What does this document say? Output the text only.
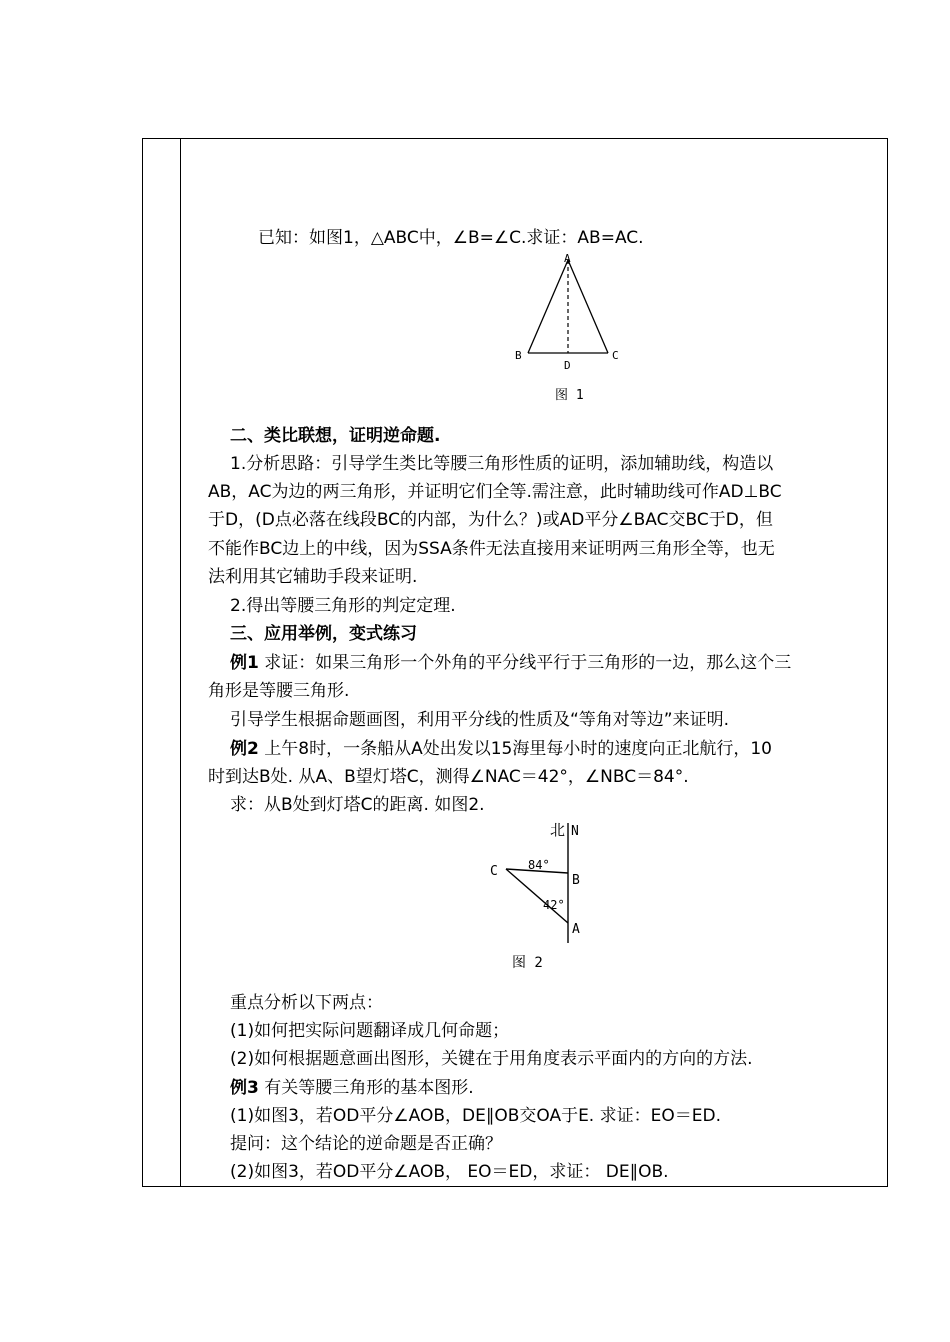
已知：如图1，△ABC中，∠B=∠C.求证：AB=AC.
A
B	C
D
图 1
二、类比联想，证明逆命题.
1.分析思路：引导学生类比等腰三角形性质的证明，添加辅助线，构造以
AB，AC为边的两三角形，并证明它们全等.需注意，此时辅助线可作AD⊥BC
于D，(D点必落在线段BC的内部，为什么？)或AD平分∠BAC交BC于D，但
不能作BC边上的中线，因为SSA条件无法直接用来证明两三角形全等，也无
法利用其它辅助手段来证明.
2.得出等腰三角形的判定定理.
三、应用举例，变式练习
例1 求证：如果三角形一个外角的平分线平行于三角形的一边，那么这个三
角形是等腰三角形.
引导学生根据命题画图，利用平分线的性质及“等角对等边”来证明.
例2 上午8时，一条船从A处出发以15海里每小时的速度向正北航行，10
时到达B处. 从A、B望灯塔C，测得∠NAC＝42°，∠NBC＝84°.
求：从B处到灯塔C的距离. 如图2.
北 N
C	84°
B
42°
A
图 2
重点分析以下两点：
(1)如何把实际问题翻译成几何命题；
(2)如何根据题意画出图形，关键在于用角度表示平面内的方向的方法.
例3 有关等腰三角形的基本图形.
(1)如图3，若OD平分∠AOB，DE∥OB交OA于E. 求证：EO＝ED.
提问：这个结论的逆命题是否正确？
(2)如图3，若OD平分∠AOB， EO＝ED，求证： DE∥OB.
